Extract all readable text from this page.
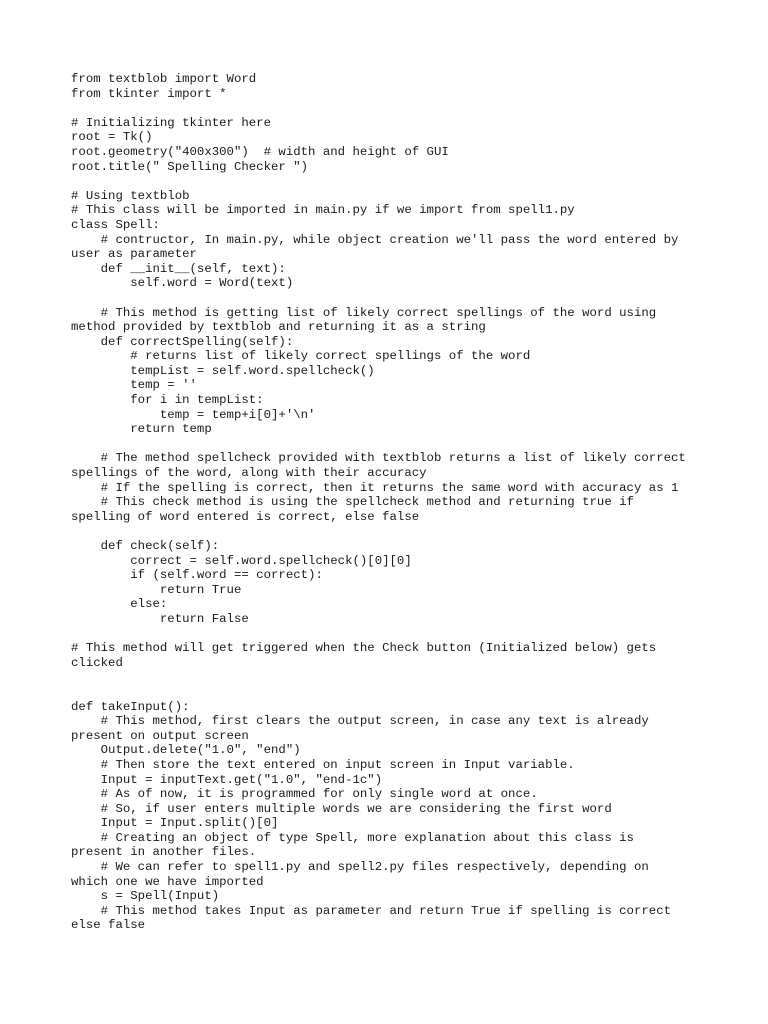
from textblob import Word
from tkinter import *
# Initializing tkinter here
root = Tk()
root.geometry("400x300")  # width and height of GUI
root.title(" Spelling Checker ")
# Using textblob
# This class will be imported in main.py if we import from spell1.py
class Spell:
# contructor, In main.py, while object creation we'll pass the word entered by
user as parameter
def __init__(self, text):
self.word = Word(text)
# This method is getting list of likely correct spellings of the word using
method provided by textblob and returning it as a string
def correctSpelling(self):
# returns list of likely correct spellings of the word
tempList = self.word.spellcheck()
temp = ''
for i in tempList:
temp = temp+i[0]+'\n'
return temp
# The method spellcheck provided with textblob returns a list of likely correct
spellings of the word, along with their accuracy
# If the spelling is correct, then it returns the same word with accuracy as 1
# This check method is using the spellcheck method and returning true if
spelling of word entered is correct, else false
def check(self):
correct = self.word.spellcheck()[0][0]
if (self.word == correct):
return True
else:
return False
# This method will get triggered when the Check button (Initialized below) gets
clicked
def takeInput():
# This method, first clears the output screen, in case any text is already
present on output screen
Output.delete("1.0", "end")
# Then store the text entered on input screen in Input variable.
Input = inputText.get("1.0", "end-1c")
# As of now, it is programmed for only single word at once.
# So, if user enters multiple words we are considering the first word
Input = Input.split()[0]
# Creating an object of type Spell, more explanation about this class is
present in another files.
# We can refer to spell1.py and spell2.py files respectively, depending on
which one we have imported
s = Spell(Input)
# This method takes Input as parameter and return True if spelling is correct
else false
